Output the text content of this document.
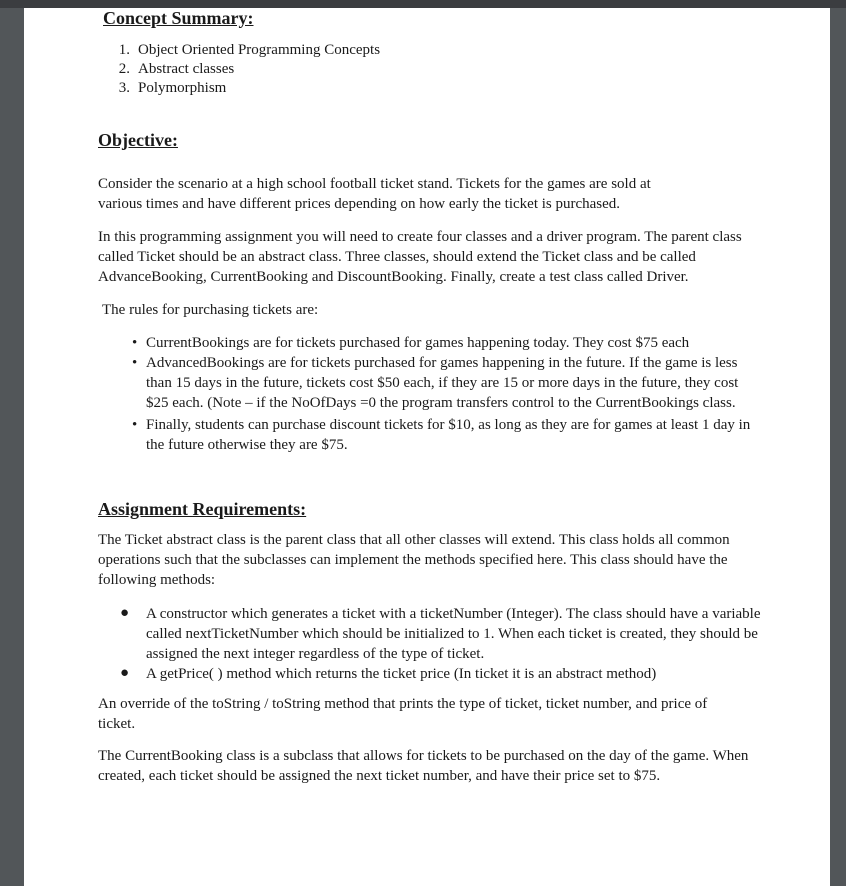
Concept Summary:
1. Object Oriented Programming Concepts
2. Abstract classes
3. Polymorphism
Objective:

Consider the scenario at a high school football ticket stand. Tickets for the games are sold at various times and have different prices depending on how early the ticket is purchased.

In this programming assignment you will need to create four classes and a driver program. The parent class called Ticket should be an abstract class. Three classes, should extend the Ticket class and be called AdvanceBooking, CurrentBooking and DiscountBooking. Finally, create a test class called Driver.

The rules for purchasing tickets are:

• CurrentBookings are for tickets purchased for games happening today. They cost $75 each
• AdvancedBookings are for tickets purchased for games happening in the future. If the game is less than 15 days in the future, tickets cost $50 each, if they are 15 or more days in the future, they cost $25 each. (Note – if the NoOfDays =0 the program transfers control to the CurrentBookings class.
• Finally, students can purchase discount tickets for $10, as long as they are for games at least 1 day in the future otherwise they are $75.
Assignment Requirements:

The Ticket abstract class is the parent class that all other classes will extend. This class holds all common operations such that the subclasses can implement the methods specified here. This class should have the following methods:

● A constructor which generates a ticket with a ticketNumber (Integer). The class should have a variable called nextTicketNumber which should be initialized to 1. When each ticket is created, they should be assigned the next integer regardless of the type of ticket.
● A getPrice( ) method which returns the ticket price (In ticket it is an abstract method)

An override of the toString / toString method that prints the type of ticket, ticket number, and price of ticket.

The CurrentBooking class is a subclass that allows for tickets to be purchased on the day of the game. When created, each ticket should be assigned the next ticket number, and have their price set to $75.
